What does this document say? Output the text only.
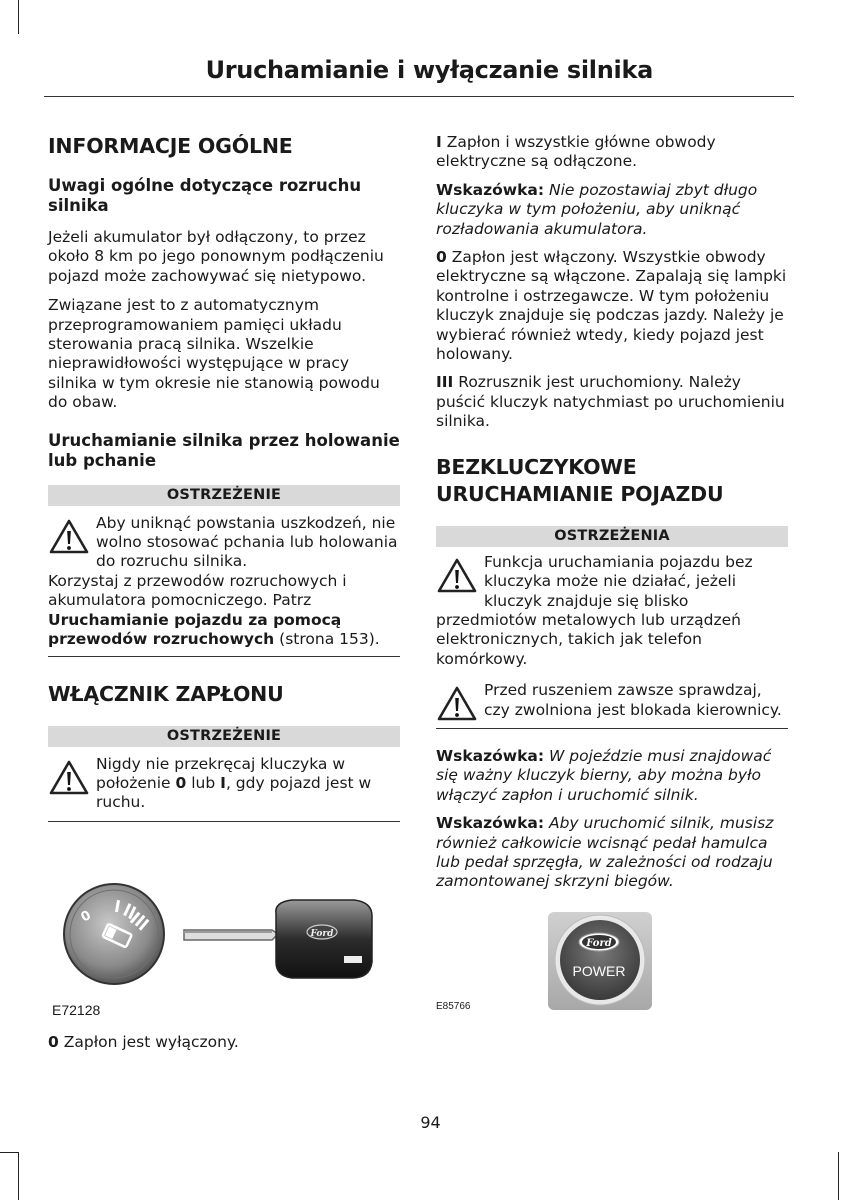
Uruchamianie i wyłączanie silnika
INFORMACJE OGÓLNE
Uwagi ogólne dotyczące rozruchu silnika

Jeżeli akumulator był odłączony, to przez około 8 km po jego ponownym podłączeniu pojazd może zachowywać się nietypowo.

Związane jest to z automatycznym przeprogramowaniem pamięci układu sterowania pracą silnika. Wszelkie nieprawidłowości występujące w pracy silnika w tym okresie nie stanowią powodu do obaw.

Uruchamianie silnika przez holowanie lub pchanie
OSTRZEŻENIE

Aby uniknąć powstania uszkodzeń, nie wolno stosować pchania lub holowania do rozruchu silnika.

Korzystaj z przewodów rozruchowych i akumulatora pomocniczego. Patrz Uruchamianie pojazdu za pomocą przewodów rozruchowych (strona 153).

WŁĄCZNIK ZAPŁONU
OSTRZEŻENIE

Nigdy nie przekręcaj kluczyka w położenie 0 lub I, gdy pojazd jest w ruchu.

0
Ford
E72128
0 Zapłon jest wyłączony.

I Zapłon i wszystkie główne obwody elektryczne są odłączone.

Wskazówka: Nie pozostawiaj zbyt długo kluczyka w tym położeniu, aby uniknąć rozładowania akumulatora.

0 Zapłon jest włączony. Wszystkie obwody elektryczne są włączone. Zapalają się lampki kontrolne i ostrzegawcze. W tym położeniu kluczyk znajduje się podczas jazdy. Należy je wybierać również wtedy, kiedy pojazd jest holowany.

III Rozrusznik jest uruchomiony. Należy puścić kluczyk natychmiast po uruchomieniu silnika.

BEZKLUCZYKOWE URUCHAMIANIE POJAZDU
OSTRZEŻENIA

Funkcja uruchamiania pojazdu bez kluczyka może nie działać, jeżeli kluczyk znajduje się blisko

przedmiotów metalowych lub urządzeń elektronicznych, takich jak telefon komórkowy.

Przed ruszeniem zawsze sprawdzaj, czy zwolniona jest blokada kierownicy.

Wskazówka: W pojeździe musi znajdować się ważny kluczyk bierny, aby można było włączyć zapłon i uruchomić silnik.

Wskazówka: Aby uruchomić silnik, musisz również całkowicie wcisnąć pedał hamulca lub pedał sprzęgła, w zależności od rodzaju zamontowanej skrzyni biegów.

Ford
POWER
E85766
94
